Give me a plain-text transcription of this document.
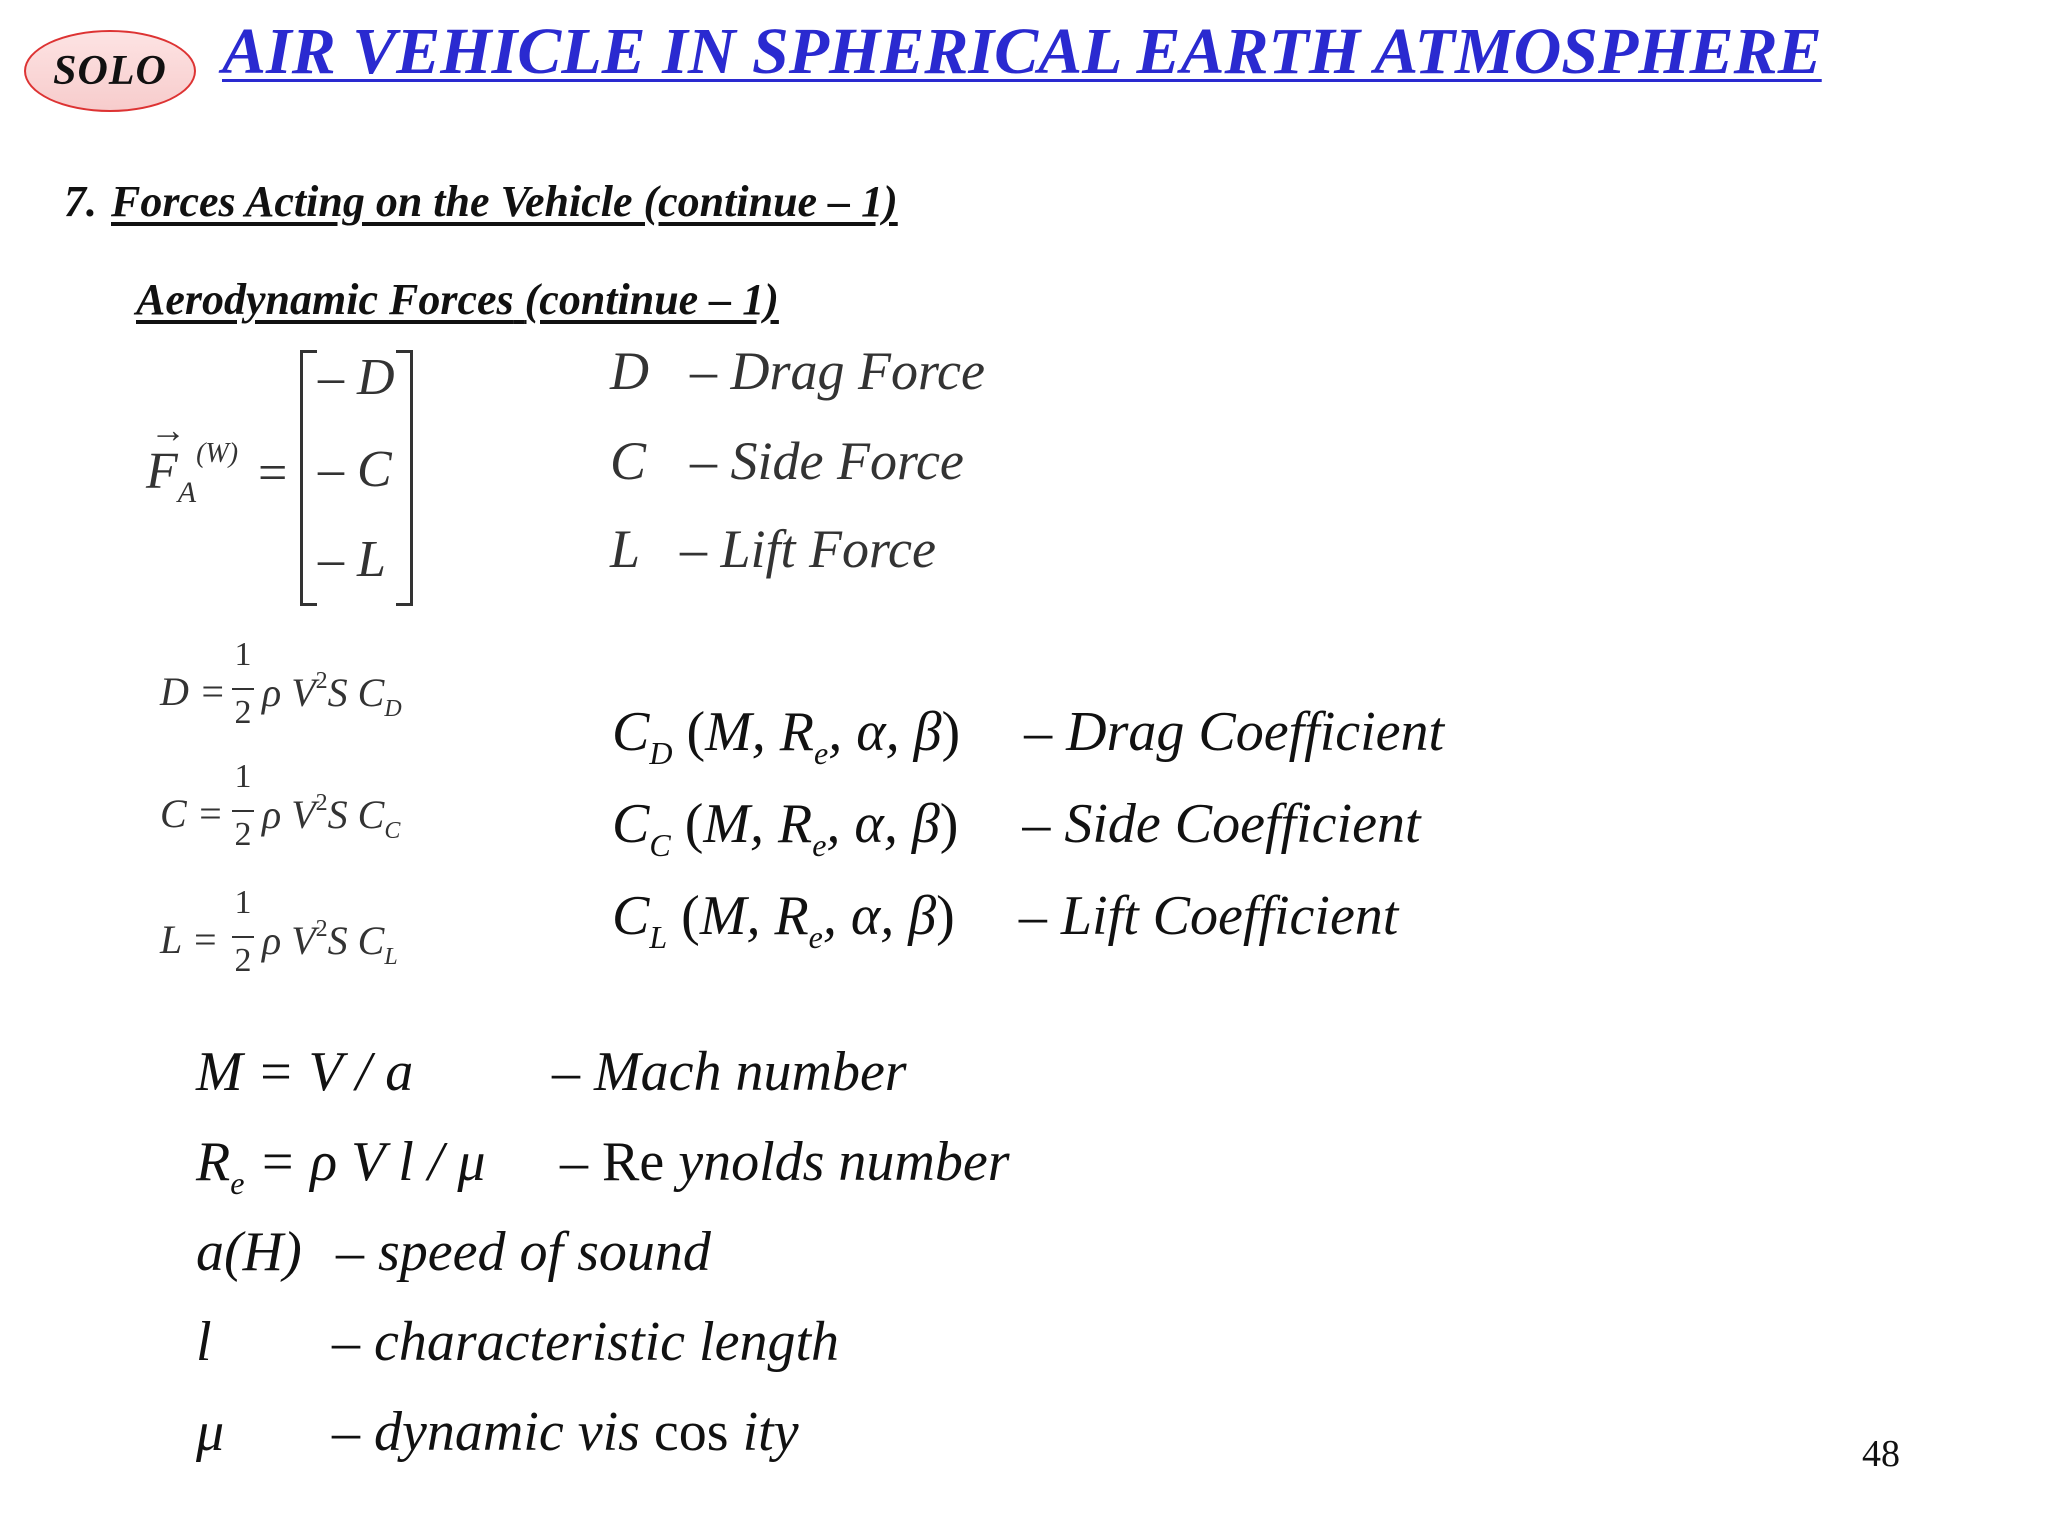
SOLO AIR VEHICLE IN SPHERICAL EARTH ATMOSPHERE
7. Forces Acting on the Vehicle (continue – 1)
Aerodynamic Forces (continue – 1)
→
$F_A^{(W)}$ =
– D
– C
– L
D – Drag Force
C – Side Force
L – Lift Force
D =
1
2 ρ $V^2S$ $C_D$
C =
1
2 ρ $V^2S$ $C_C$
L =
1
2 ρ $V^2S$ $C_L$
$C_D$ (M, $R_e$, α, β) – Drag Coefficient
$C_C$ (M, $R_e$, α, β) – Side Coefficient
$C_L$ (M, $R_e$, α, β) – Lift Coefficient
M = V / a – Mach number
$R_e = \rho$ V l / μ – Re ynolds number
a(H) – speed of sound
l – characteristic length
μ – dynamic vis cos ity	48
